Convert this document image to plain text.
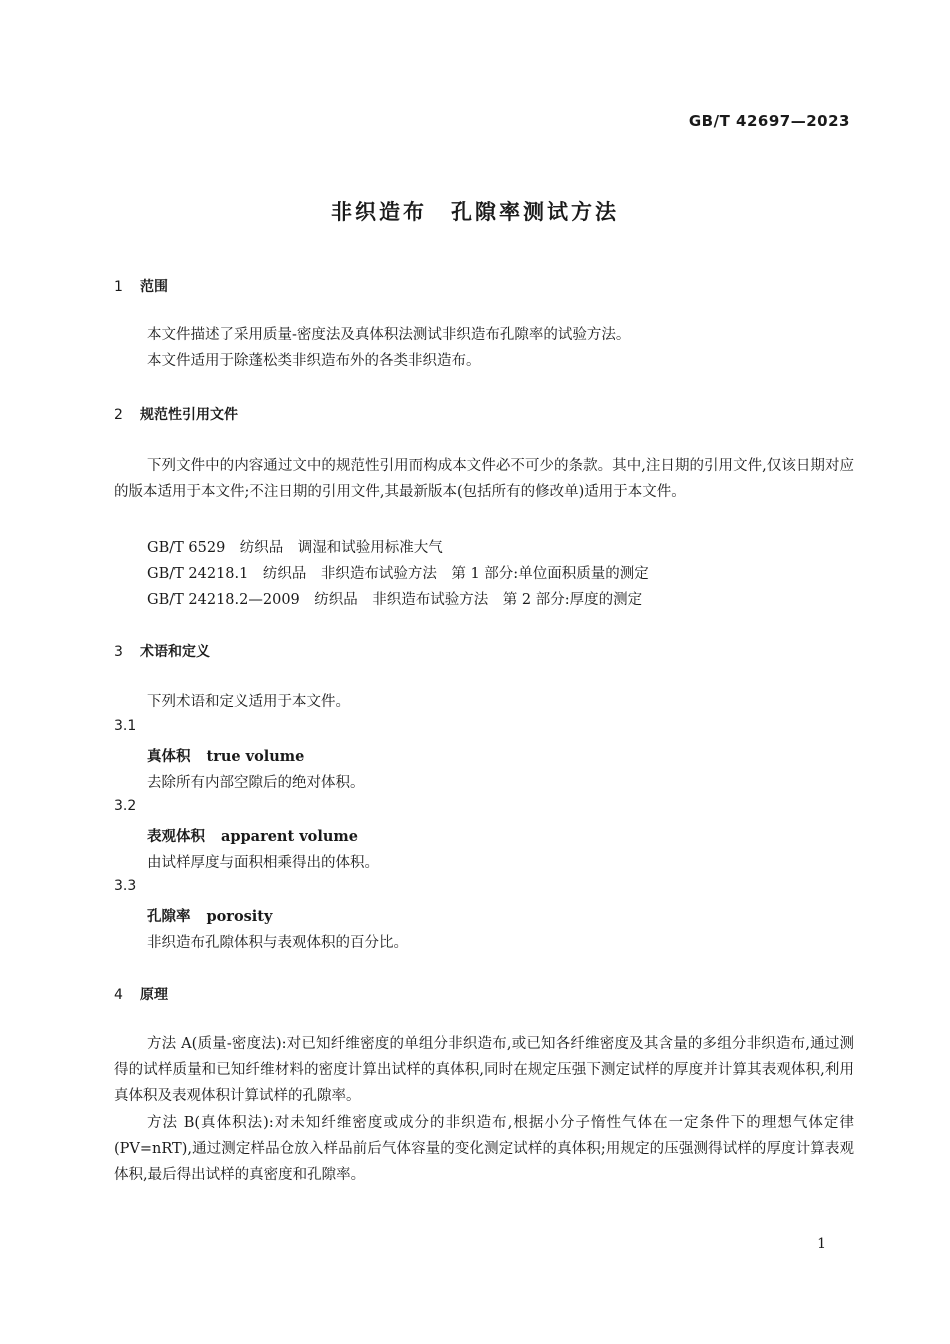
GB/T 42697—2023
非织造布　孔隙率测试方法
1 范围
本文件描述了采用质量-密度法及真体积法测试非织造布孔隙率的试验方法。
本文件适用于除蓬松类非织造布外的各类非织造布。
2 规范性引用文件
下列文件中的内容通过文中的规范性引用而构成本文件必不可少的条款。其中,注日期的引用文件,仅该日期对应的版本适用于本文件;不注日期的引用文件,其最新版本(包括所有的修改单)适用于本文件。
GB/T 6529　纺织品　调湿和试验用标准大气
GB/T 24218.1　纺织品　非织造布试验方法　第 1 部分:单位面积质量的测定
GB/T 24218.2—2009　纺织品　非织造布试验方法　第 2 部分:厚度的测定
3 术语和定义
下列术语和定义适用于本文件。
3.1
真体积 true volume
去除所有内部空隙后的绝对体积。
3.2
表观体积 apparent volume
由试样厚度与面积相乘得出的体积。
3.3
孔隙率 porosity
非织造布孔隙体积与表观体积的百分比。
4 原理
方法 A(质量-密度法):对已知纤维密度的单组分非织造布,或已知各纤维密度及其含量的多组分非织造布,通过测得的试样质量和已知纤维材料的密度计算出试样的真体积,同时在规定压强下测定试样的厚度并计算其表观体积,利用真体积及表观体积计算试样的孔隙率。
方法 B(真体积法):对未知纤维密度或成分的非织造布,根据小分子惰性气体在一定条件下的理想气体定律(PV=nRT),通过测定样品仓放入样品前后气体容量的变化测定试样的真体积;用规定的压强测得试样的厚度计算表观体积,最后得出试样的真密度和孔隙率。
1
